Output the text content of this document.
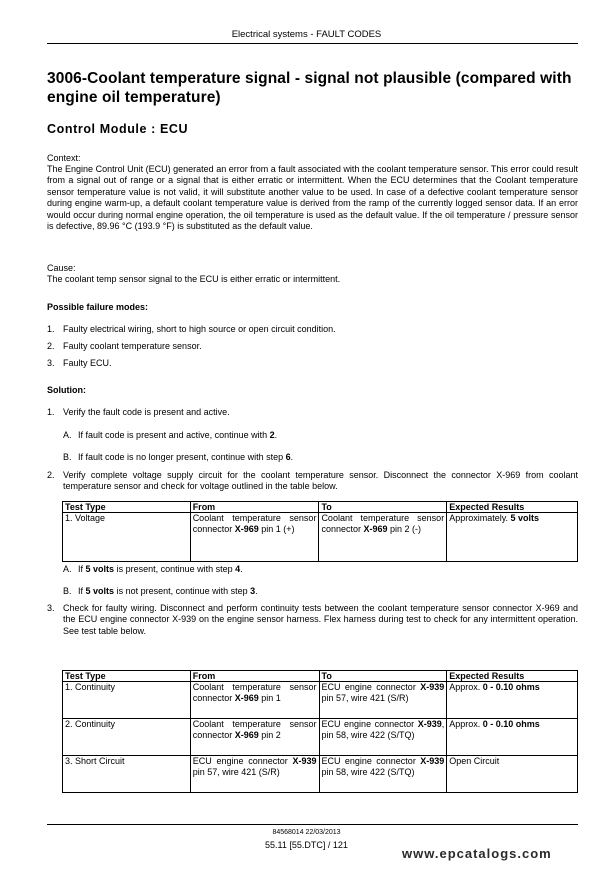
Electrical systems - FAULT CODES
3006-Coolant temperature signal - signal not plausible (compared with engine oil temperature)
Control Module : ECU
Context:
The Engine Control Unit (ECU) generated an error from a fault associated with the coolant temperature sensor. This error could result from a signal out of range or a signal that is either erratic or intermittent. When the ECU determines that the Coolant temperature sensor temperature value is not valid, it will substitute another value to be used. In case of a defective coolant temperature sensor during engine warm-up, a default coolant temperature value is derived from the ramp of the currently logged sensor data. If an error would occur during normal engine operation, the oil temperature is used as the default value. If the oil temperature / pressure sensor is defective, 89.96 °C (193.9 °F) is substituted as the default value.
Cause:
The coolant temp sensor signal to the ECU is either erratic or intermittent.
Possible failure modes:
1. Faulty electrical wiring, short to high source or open circuit condition.
2. Faulty coolant temperature sensor.
3. Faulty ECU.
Solution:
1. Verify the fault code is present and active.
A. If fault code is present and active, continue with 2.
B. If fault code is no longer present, continue with step 6.
2. Verify complete voltage supply circuit for the coolant temperature sensor. Disconnect the connector X-969 from coolant temperature sensor and check for voltage outlined in the table below.
Test Type	From	To	Expected Results
1. Voltage	Coolant temperature sensor connector X-969 pin 1 (+)	Coolant temperature sensor connector X-969 pin 2 (-)	Approximately. 5 volts
A. If 5 volts is present, continue with step 4.
B. If 5 volts is not present, continue with step 3.
3. Check for faulty wiring. Disconnect and perform continuity tests between the coolant temperature sensor connector X-969 and the ECU engine connector X-939 on the engine sensor harness. Flex harness during test to check for any intermittent operation. See test table below.
Test Type	From	To	Expected Results
1. Continuity	Coolant temperature sensor connector X-969 pin 1	ECU engine connector X-939 pin 57, wire 421 (S/R)	Approx. 0 - 0.10 ohms
2. Continuity	Coolant temperature sensor connector X-969 pin 2	ECU engine connector X-939, pin 58, wire 422 (S/TQ)	Approx. 0 - 0.10 ohms
3. Short Circuit	ECU engine connector X-939 pin 57, wire 421 (S/R)	ECU engine connector X-939 pin 58, wire 422 (S/TQ)	Open Circuit
84568014 22/03/2013
55.11 [55.DTC] / 121
www.epcatalogs.com
